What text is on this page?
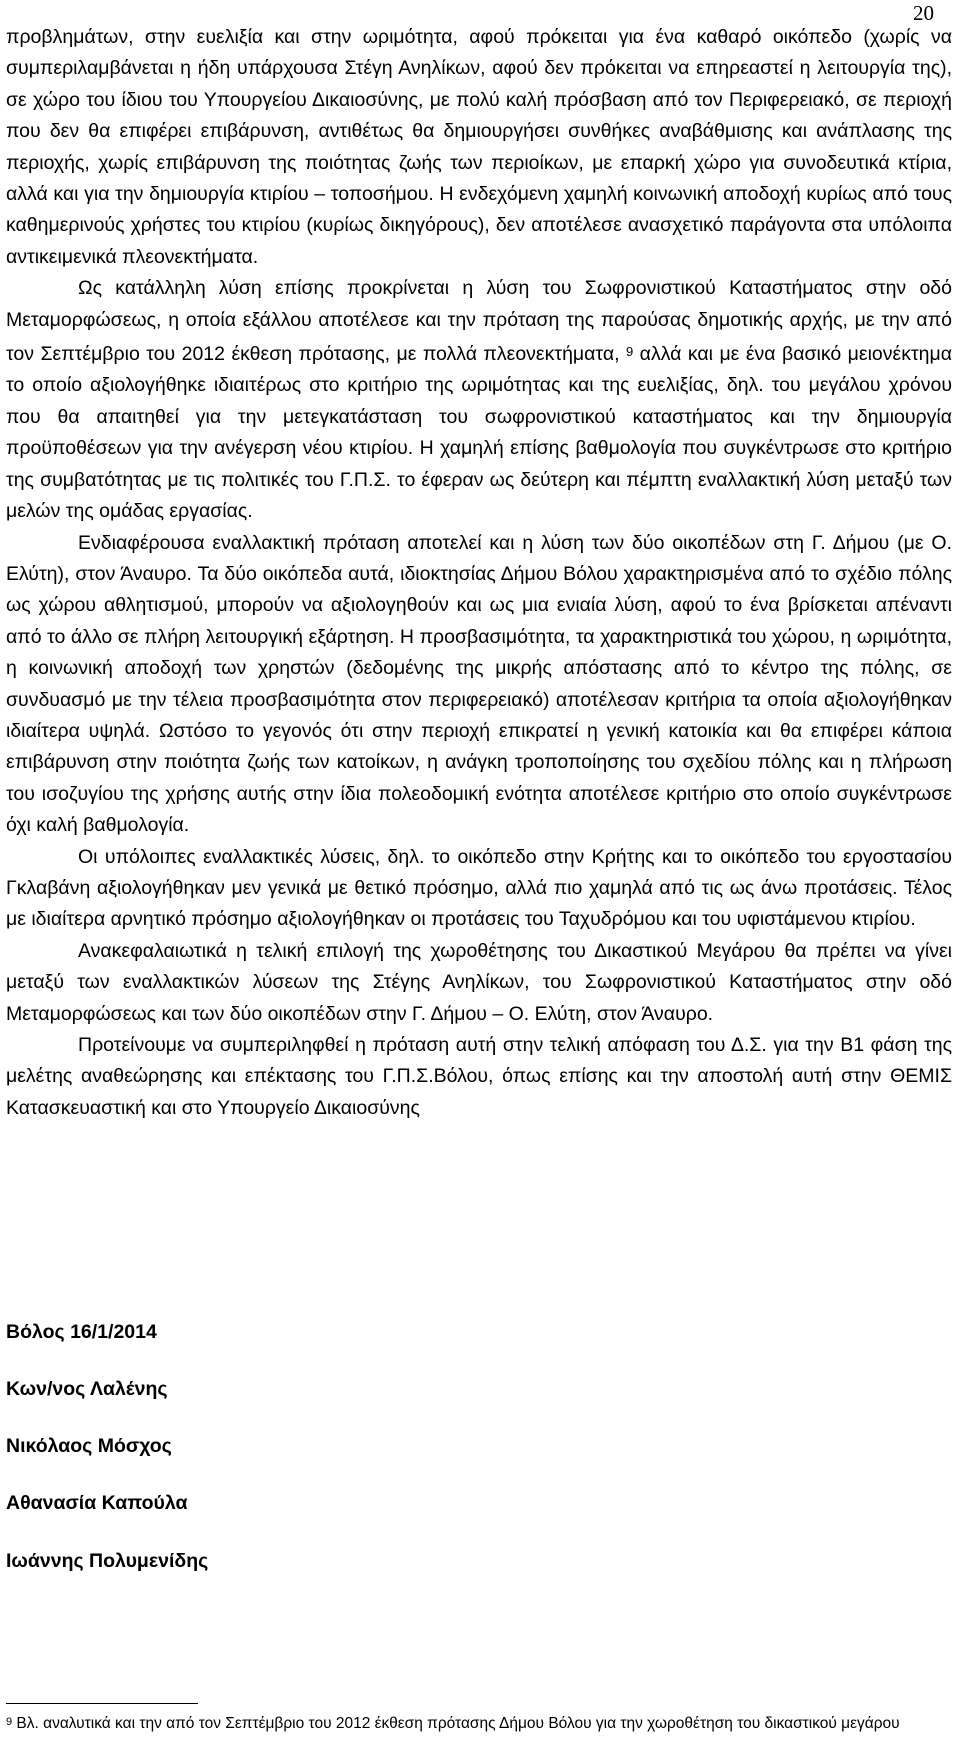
20

προβλημάτων, στην ευελιξία και στην ωριμότητα, αφού πρόκειται για ένα καθαρό οικόπεδο (χωρίς να συμπεριλαμβάνεται η ήδη υπάρχουσα Στέγη Ανηλίκων, αφού δεν πρόκειται να επηρεαστεί η λειτουργία της), σε χώρο του ίδιου του Υπουργείου Δικαιοσύνης, με πολύ καλή πρόσβαση από τον Περιφερειακό, σε περιοχή που δεν θα επιφέρει επιβάρυνση, αντιθέτως θα δημιουργήσει συνθήκες αναβάθμισης και ανάπλασης της περιοχής, χωρίς επιβάρυνση της ποιότητας ζωής των περιοίκων, με επαρκή χώρο για συνοδευτικά κτίρια, αλλά και για την δημιουργία κτιρίου – τοποσήμου. Η ενδεχόμενη χαμηλή κοινωνική αποδοχή κυρίως από τους καθημερινούς χρήστες του κτιρίου (κυρίως δικηγόρους), δεν αποτέλεσε ανασχετικό παράγοντα στα υπόλοιπα αντικειμενικά πλεονεκτήματα.

Ως κατάλληλη λύση επίσης προκρίνεται η λύση του Σωφρονιστικού Καταστήματος στην οδό Μεταμορφώσεως, η οποία εξάλλου αποτέλεσε και την πρόταση της παρούσας δημοτικής αρχής, με την από τον Σεπτέμβριο του 2012 έκθεση πρότασης, με πολλά πλεονεκτήματα, $^9$ αλλά και με ένα βασικό μειονέκτημα το οποίο αξιολογήθηκε ιδιαιτέρως στο κριτήριο της ωριμότητας και της ευελιξίας, δηλ. του μεγάλου χρόνου που θα απαιτηθεί για την μετεγκατάσταση του σωφρονιστικού καταστήματος και την δημιουργία προϋποθέσεων για την ανέγερση νέου κτιρίου. Η χαμηλή επίσης βαθμολογία που συγκέντρωσε στο κριτήριο της συμβατότητας με τις πολιτικές του Γ.Π.Σ. το έφεραν ως δεύτερη και πέμπτη εναλλακτική λύση μεταξύ των μελών της ομάδας εργασίας.

Ενδιαφέρουσα εναλλακτική πρόταση αποτελεί και η λύση των δύο οικοπέδων στη Γ. Δήμου (με Ο. Ελύτη), στον Άναυρο. Τα δύο οικόπεδα αυτά, ιδιοκτησίας Δήμου Βόλου χαρακτηρισμένα από το σχέδιο πόλης ως χώρου αθλητισμού, μπορούν να αξιολογηθούν και ως μια ενιαία λύση, αφού το ένα βρίσκεται απέναντι από το άλλο σε πλήρη λειτουργική εξάρτηση. Η προσβασιμότητα, τα χαρακτηριστικά του χώρου, η ωριμότητα, η κοινωνική αποδοχή των χρηστών (δεδομένης της μικρής απόστασης από το κέντρο της πόλης, σε συνδυασμό με την τέλεια προσβασιμότητα στον περιφερειακό) αποτέλεσαν κριτήρια τα οποία αξιολογήθηκαν ιδιαίτερα υψηλά. Ωστόσο το γεγονός ότι στην περιοχή επικρατεί η γενική κατοικία και θα επιφέρει κάποια επιβάρυνση στην ποιότητα ζωής των κατοίκων, η ανάγκη τροποποίησης του σχεδίου πόλης και η πλήρωση του ισοζυγίου της χρήσης αυτής στην ίδια πολεοδομική ενότητα αποτέλεσε κριτήριο στο οποίο συγκέντρωσε όχι καλή βαθμολογία.

Οι υπόλοιπες εναλλακτικές λύσεις, δηλ. το οικόπεδο στην Κρήτης και το οικόπεδο του εργοστασίου Γκλαβάνη αξιολογήθηκαν μεν γενικά με θετικό πρόσημο, αλλά πιο χαμηλά από τις ως άνω προτάσεις. Τέλος με ιδιαίτερα αρνητικό πρόσημο αξιολογήθηκαν οι προτάσεις του Ταχυδρόμου και του υφιστάμενου κτιρίου.

Ανακεφαλαιωτικά η τελική επιλογή της χωροθέτησης του Δικαστικού Μεγάρου θα πρέπει να γίνει μεταξύ των εναλλακτικών λύσεων της Στέγης Ανηλίκων, του Σωφρονιστικού Καταστήματος στην οδό Μεταμορφώσεως και των δύο οικοπέδων στην Γ. Δήμου – Ο. Ελύτη, στον Άναυρο.

Προτείνουμε να συμπεριληφθεί η πρόταση αυτή στην τελική απόφαση του Δ.Σ. για την Β1 φάση της μελέτης αναθεώρησης και επέκτασης του Γ.Π.Σ.Βόλου, όπως επίσης και την αποστολή αυτή στην ΘΕΜΙΣ Κατασκευαστική και στο Υπουργείο Δικαιοσύνης

Βόλος 16/1/2014

Κων/νος Λαλένης

Νικόλαος Μόσχος

Αθανασία Καπούλα

Ιωάννης Πολυμενίδης

9 Βλ. αναλυτικά και την από τον Σεπτέμβριο του 2012 έκθεση πρότασης Δήμου Βόλου για την χωροθέτηση του δικαστικού μεγάρου
